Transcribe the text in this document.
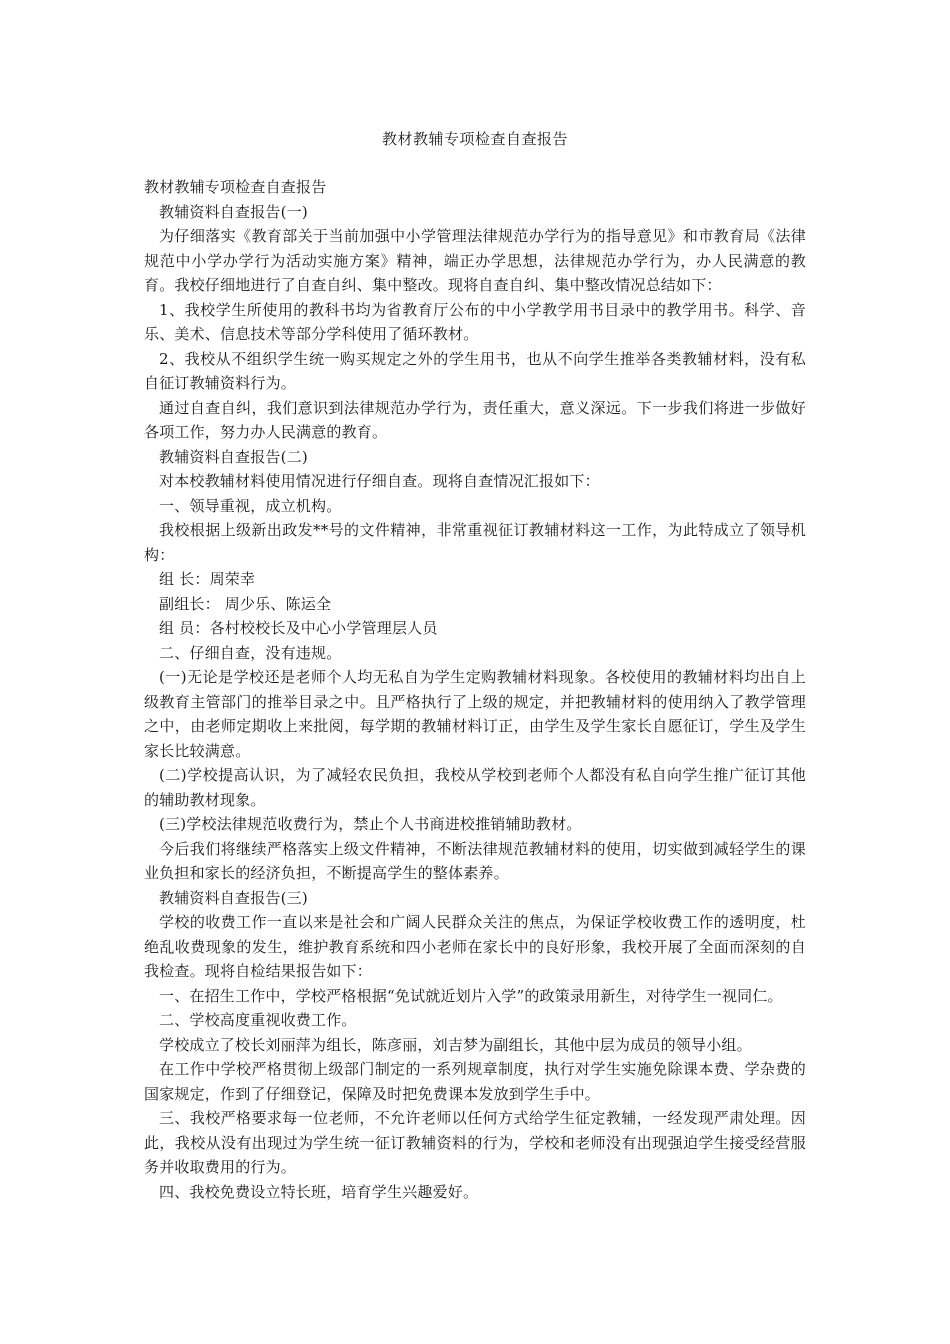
教材教辅专项检查自查报告

教材教辅专项检查自查报告

教辅资料自查报告(一)

为仔细落实《教育部关于当前加强中小学管理法律规范办学行为的指导意见》和市教育局《法律规范中小学办学行为活动实施方案》精神，端正办学思想，法律规范办学行为，办人民满意的教育。我校仔细地进行了自查自纠、集中整改。现将自查自纠、集中整改情况总结如下：

1、我校学生所使用的教科书均为省教育厅公布的中小学教学用书目录中的教学用书。科学、音乐、美术、信息技术等部分学科使用了循环教材。

2、我校从不组织学生统一购买规定之外的学生用书，也从不向学生推举各类教辅材料，没有私自征订教辅资料行为。

通过自查自纠，我们意识到法律规范办学行为，责任重大，意义深远。下一步我们将进一步做好各项工作，努力办人民满意的教育。

教辅资料自查报告(二)

对本校教辅材料使用情况进行仔细自查。现将自查情况汇报如下：

一、领导重视，成立机构。

我校根据上级新出政发**号的文件精神，非常重视征订教辅材料这一工作，为此特成立了领导机构：

组 长：周荣幸

副组长： 周少乐、陈运全

组 员：各村校校长及中心小学管理层人员

二、仔细自查，没有违规。

(一)无论是学校还是老师个人均无私自为学生定购教辅材料现象。各校使用的教辅材料均出自上级教育主管部门的推举目录之中。且严格执行了上级的规定，并把教辅材料的使用纳入了教学管理之中，由老师定期收上来批阅，每学期的教辅材料订正，由学生及学生家长自愿征订，学生及学生家长比较满意。

(二)学校提高认识，为了减轻农民负担，我校从学校到老师个人都没有私自向学生推广征订其他的辅助教材现象。

(三)学校法律规范收费行为，禁止个人书商进校推销辅助教材。

今后我们将继续严格落实上级文件精神，不断法律规范教辅材料的使用，切实做到减轻学生的课业负担和家长的经济负担，不断提高学生的整体素养。

教辅资料自查报告(三)

学校的收费工作一直以来是社会和广阔人民群众关注的焦点，为保证学校收费工作的透明度，杜绝乱收费现象的发生，维护教育系统和四小老师在家长中的良好形象，我校开展了全面而深刻的自我检查。现将自检结果报告如下：

一、在招生工作中，学校严格根据“免试就近划片入学”的政策录用新生，对待学生一视同仁。

二、学校高度重视收费工作。

学校成立了校长刘丽萍为组长，陈彦丽，刘吉梦为副组长，其他中层为成员的领导小组。

在工作中学校严格贯彻上级部门制定的一系列规章制度，执行对学生实施免除课本费、学杂费的国家规定，作到了仔细登记，保障及时把免费课本发放到学生手中。

三、我校严格要求每一位老师，不允许老师以任何方式给学生征定教辅，一经发现严肃处理。因此，我校从没有出现过为学生统一征订教辅资料的行为，学校和老师没有出现强迫学生接受经营服务并收取费用的行为。

四、我校免费设立特长班，培育学生兴趣爱好。
